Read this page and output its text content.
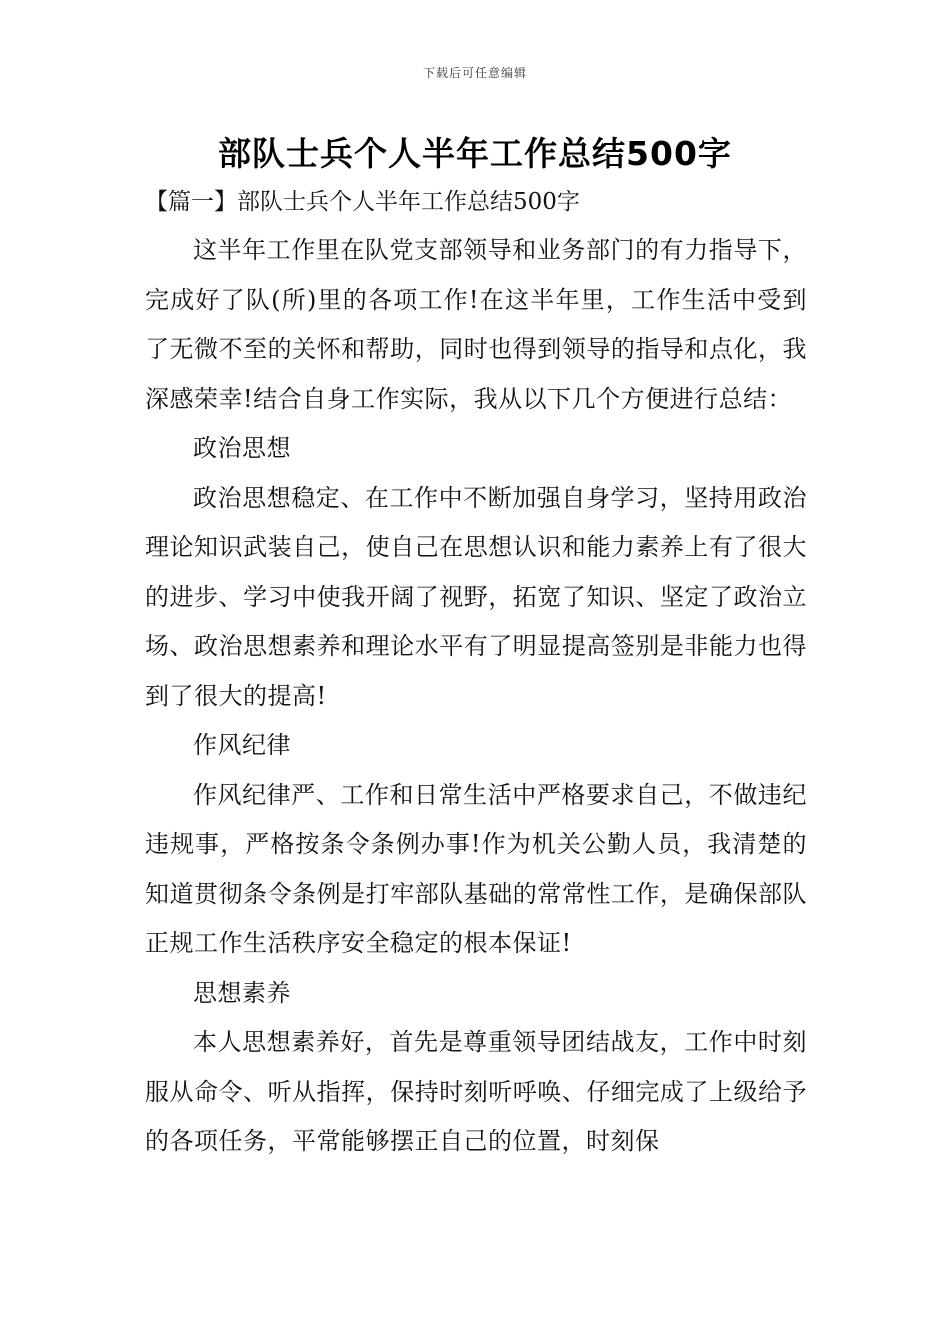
下载后可任意编辑
部队士兵个人半年工作总结500字
【篇一】部队士兵个人半年工作总结500字

这半年工作里在队党支部领导和业务部门的有力指导下，完成好了队(所)里的各项工作!在这半年里，工作生活中受到了无微不至的关怀和帮助，同时也得到领导的指导和点化，我深感荣幸!结合自身工作实际，我从以下几个方便进行总结：

政治思想

政治思想稳定、在工作中不断加强自身学习，坚持用政治理论知识武装自己，使自己在思想认识和能力素养上有了很大的进步、学习中使我开阔了视野，拓宽了知识、坚定了政治立场、政治思想素养和理论水平有了明显提高签别是非能力也得到了很大的提高!

作风纪律

作风纪律严、工作和日常生活中严格要求自己，不做违纪违规事，严格按条令条例办事!作为机关公勤人员，我清楚的知道贯彻条令条例是打牢部队基础的常常性工作，是确保部队正规工作生活秩序安全稳定的根本保证!

思想素养

本人思想素养好，首先是尊重领导团结战友，工作中时刻服从命令、听从指挥，保持时刻听呼唤、仔细完成了上级给予的各项任务，平常能够摆正自己的位置，时刻保
